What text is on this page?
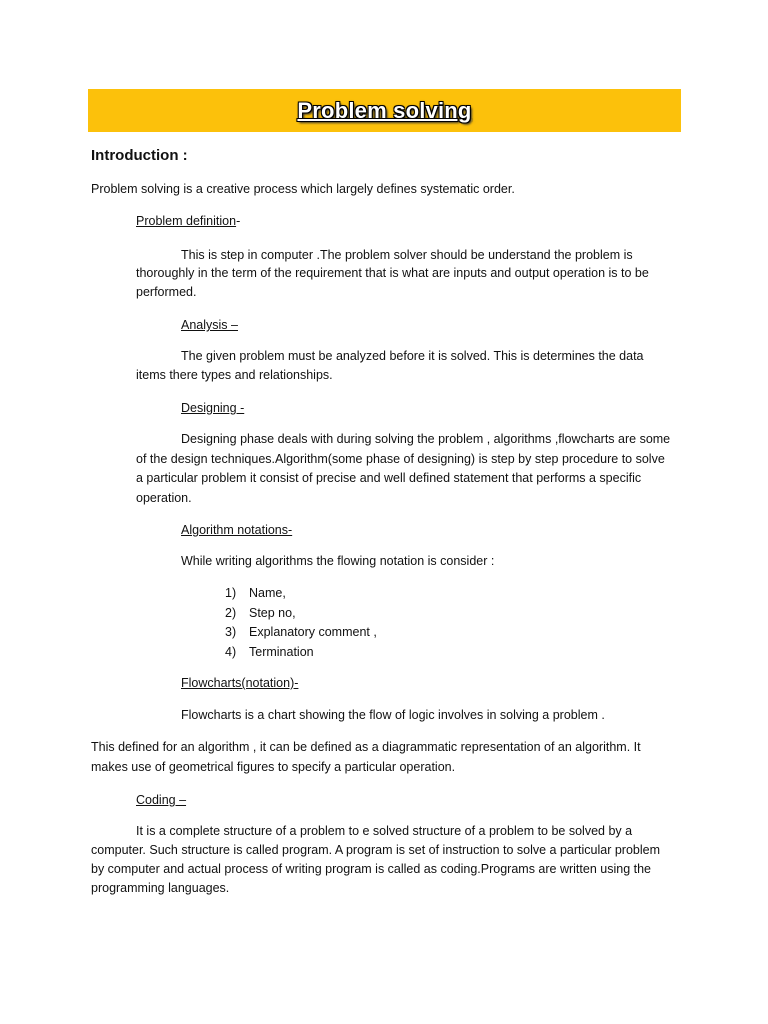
Problem solving

Introduction :

Problem solving is a creative process which largely defines systematic order.

Problem definition-

This is step in computer .The problem solver should be understand the problem is

thoroughly in the term of the requirement that is what are inputs and output operation is to be

performed.

Analysis –

The given problem must be analyzed before it is solved. This is determines the data

items there types and relationships.

Designing -

Designing phase deals with during solving the problem , algorithms ,flowcharts are some

of the design techniques.Algorithm(some phase of designing) is step by step procedure to solve

a particular problem it consist of precise and well defined statement that performs a specific

operation.

Algorithm notations-

While writing algorithms the flowing notation is consider :

1) Name,
2) Step no,
3) Explanatory comment ,
4) Termination

Flowcharts(notation)-

Flowcharts is a chart showing the flow of logic involves in solving a problem .

This defined for an algorithm , it can be defined as a diagrammatic representation of an algorithm. It

makes use of geometrical figures to specify a particular operation.

Coding –

It is a complete structure of a problem to e solved structure of a problem to be solved by a

computer. Such structure is called program. A program is set of instruction to solve a particular problem

by computer and actual process of writing program is called as coding.Programs are written using the

programming languages.
